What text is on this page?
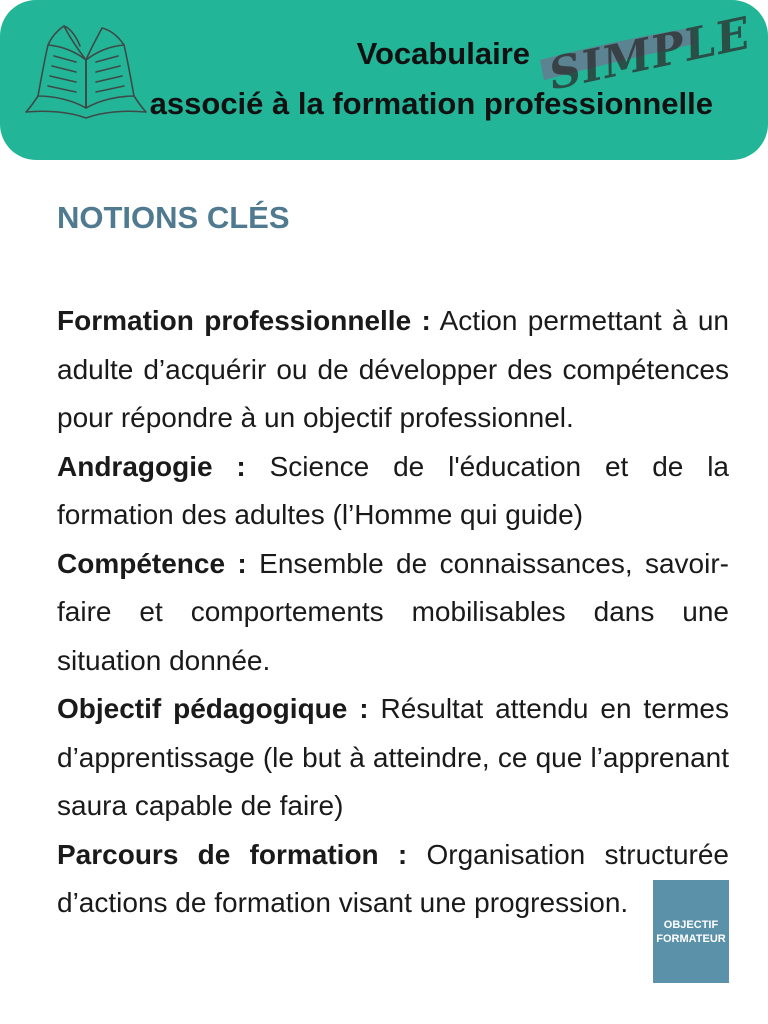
Vocabulaire SIMPLE
associé à la formation professionnelle
NOTIONS CLÉS

Formation professionnelle : Action permettant à un adulte d’acquérir ou de développer des compétences pour répondre à un objectif professionnel.

Andragogie : Science de l'éducation et de la formation des adultes (l’Homme qui guide)

Compétence : Ensemble de connaissances, savoir-faire et comportements mobilisables dans une situation donnée.

Objectif pédagogique : Résultat attendu en termes d’apprentissage (le but à atteindre, ce que l’apprenant saura capable de faire)

Parcours de formation : Organisation structurée d’actions de formation visant une progression.

OBJECTIF
FORMATEUR
